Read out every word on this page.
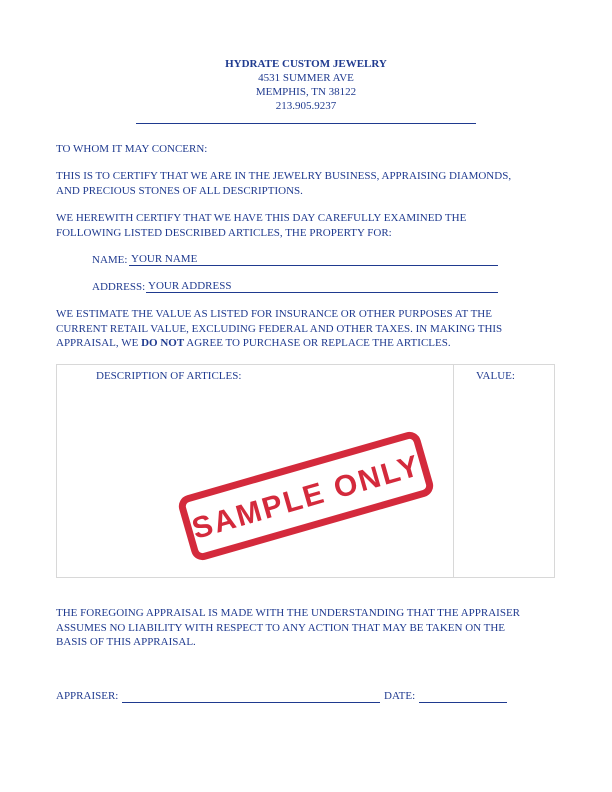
HYDRATE CUSTOM JEWELRY
4531 SUMMER AVE
MEMPHIS, TN 38122
213.905.9237
TO WHOM IT MAY CONCERN:
THIS IS TO CERTIFY THAT WE ARE IN THE JEWELRY BUSINESS, APPRAISING DIAMONDS,
AND PRECIOUS STONES OF ALL DESCRIPTIONS.
WE HEREWITH CERTIFY THAT WE HAVE THIS DAY CAREFULLY EXAMINED THE
FOLLOWING LISTED DESCRIBED ARTICLES, THE PROPERTY FOR:
NAME: YOUR NAME
ADDRESS: YOUR ADDRESS
WE ESTIMATE THE VALUE AS LISTED FOR INSURANCE OR OTHER PURPOSES AT THE
CURRENT RETAIL VALUE, EXCLUDING FEDERAL AND OTHER TAXES. IN MAKING THIS
APPRAISAL, WE DO NOT AGREE TO PURCHASE OR REPLACE THE ARTICLES.
DESCRIPTION OF ARTICLES:	VALUE:
SAMPLE ONLY
THE FOREGOING APPRAISAL IS MADE WITH THE UNDERSTANDING THAT THE APPRAISER
ASSUMES NO LIABILITY WITH RESPECT TO ANY ACTION THAT MAY BE TAKEN ON THE
BASIS OF THIS APPRAISAL.
APPRAISER:	DATE:
